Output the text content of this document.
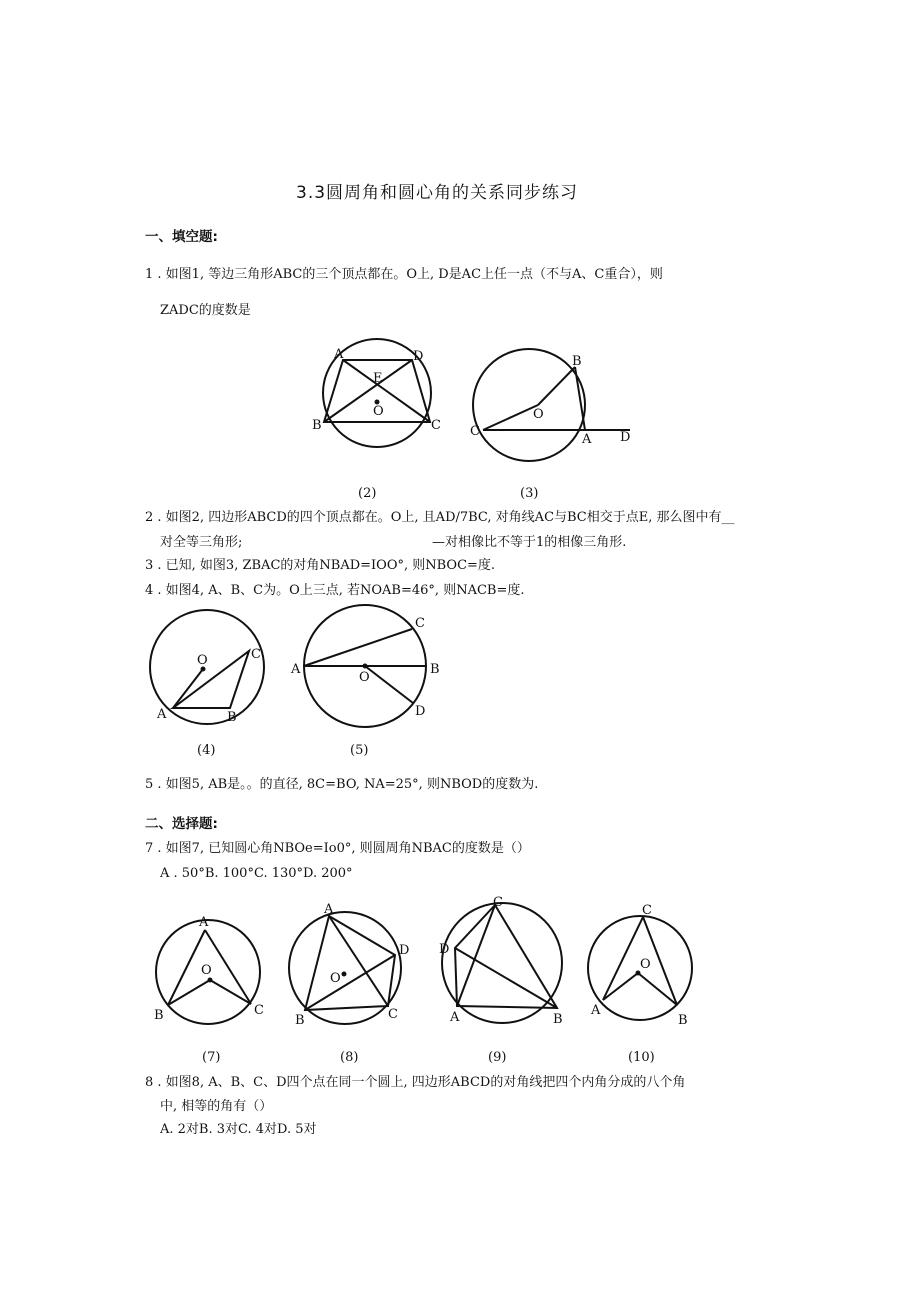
3.3圆周角和圆心角的关系同步练习
一、填空题:
1 . 如图1, 等边三角形ABC的三个顶点都在。O上, D是AC上任一点（不与A、C重合），则
ZADC的度数是
A	D
E
O
B	C
(2)
B
O
C
A D
(3)
2 . 如图2, 四边形ABCD的四个顶点都在。O上, 且AD/7BC, 对角线AC与BC相交于点E, 那么图中有__
对全等三角形;	—对相像比不等于1的相像三角形.
3 . 已知, 如图3, ZBAC的对角NBAD=IOO°, 则NBOC=度.
4 . 如图4, A、B、C为。O上三点, 若NOAB=46°, 则NACB=度.
O	C
A	B
(4)
C
A
O
B
D
(5)
5 . 如图5, AB是。。的直径, 8C=BO, NA=25°, 则NBOD的度数为.
二、选择题:
7 . 如图7, 已知圆心角NBOe=Io0°, 则圆周角NBAC的度数是（）
A . 50°B. 100°C. 130°D. 200°
A
O
B	C
(7)
A
D
O
B	C
(8)
C
D
A	B
(9)
C
O
A
B
(10)
8 . 如图8, A、B、C、D四个点在同一个圆上, 四边形ABCD的对角线把四个内角分成的八个角
中, 相等的角有（）
A. 2对B. 3对C. 4对D. 5对
